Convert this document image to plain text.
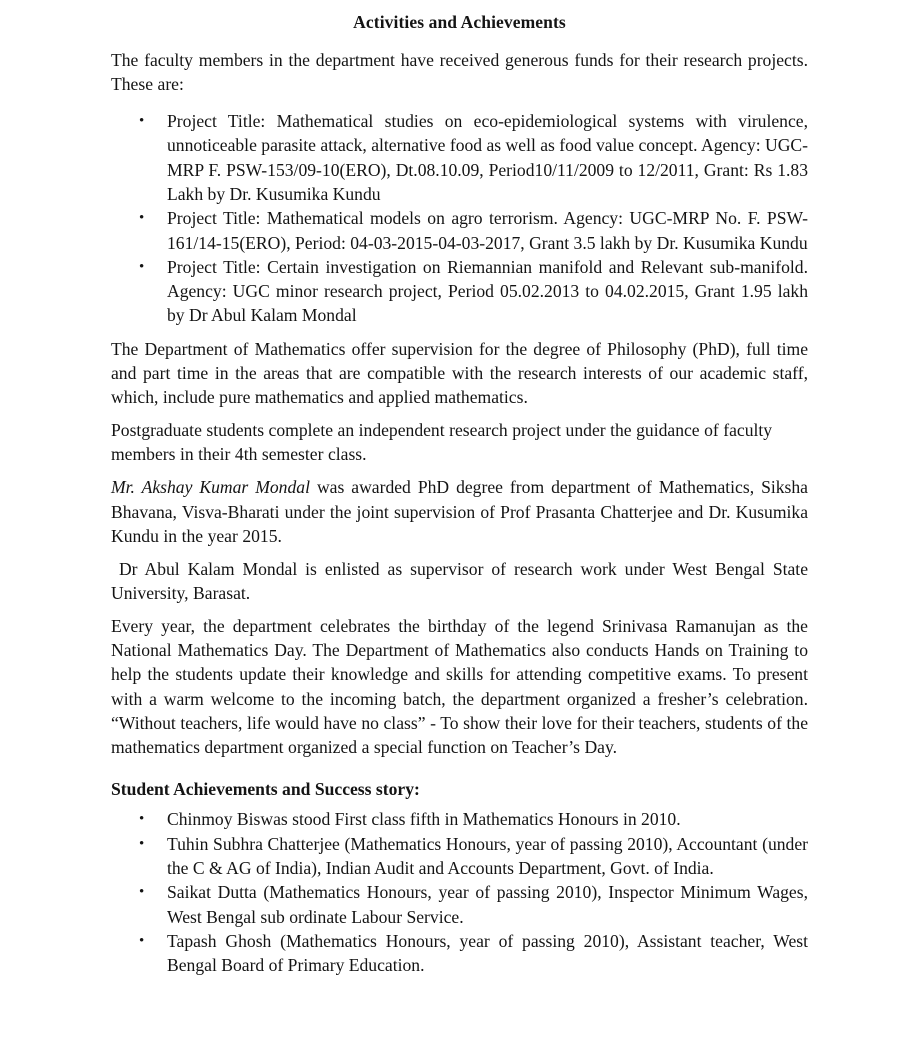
Activities and Achievements

The faculty members in the department have received generous funds for their research projects. These are:

• Project Title: Mathematical studies on eco-epidemiological systems with virulence, unnoticeable parasite attack, alternative food as well as food value concept. Agency: UGC-MRP F. PSW-153/09-10(ERO), Dt.08.10.09, Period10/11/2009 to 12/2011, Grant: Rs 1.83 Lakh by Dr. Kusumika Kundu
• Project Title: Mathematical models on agro terrorism. Agency: UGC-MRP No. F. PSW-161/14-15(ERO), Period: 04-03-2015-04-03-2017, Grant 3.5 lakh by Dr. Kusumika Kundu
• Project Title: Certain investigation on Riemannian manifold and Relevant sub-manifold. Agency: UGC minor research project, Period 05.02.2013 to 04.02.2015, Grant 1.95 lakh by Dr Abul Kalam Mondal

The Department of Mathematics offer supervision for the degree of Philosophy (PhD), full time and part time in the areas that are compatible with the research interests of our academic staff, which, include pure mathematics and applied mathematics.

Postgraduate students complete an independent research project under the guidance of faculty members in their 4th semester class.

Mr. Akshay Kumar Mondal was awarded PhD degree from department of Mathematics, Siksha Bhavana, Visva-Bharati under the joint supervision of Prof Prasanta Chatterjee and Dr. Kusumika Kundu in the year 2015.

Dr Abul Kalam Mondal is enlisted as supervisor of research work under West Bengal State University, Barasat.

Every year, the department celebrates the birthday of the legend Srinivasa Ramanujan as the National Mathematics Day. The Department of Mathematics also conducts Hands on Training to help the students update their knowledge and skills for attending competitive exams. To present with a warm welcome to the incoming batch, the department organized a fresher’s celebration. “Without teachers, life would have no class” - To show their love for their teachers, students of the mathematics department organized a special function on Teacher’s Day.

Student Achievements and Success story:
• Chinmoy Biswas stood First class fifth in Mathematics Honours in 2010.
• Tuhin Subhra Chatterjee (Mathematics Honours, year of passing 2010), Accountant (under the C & AG of India), Indian Audit and Accounts Department, Govt. of India.
• Saikat Dutta (Mathematics Honours, year of passing 2010), Inspector Minimum Wages, West Bengal sub ordinate Labour Service.
• Tapash Ghosh (Mathematics Honours, year of passing 2010), Assistant teacher, West Bengal Board of Primary Education.
